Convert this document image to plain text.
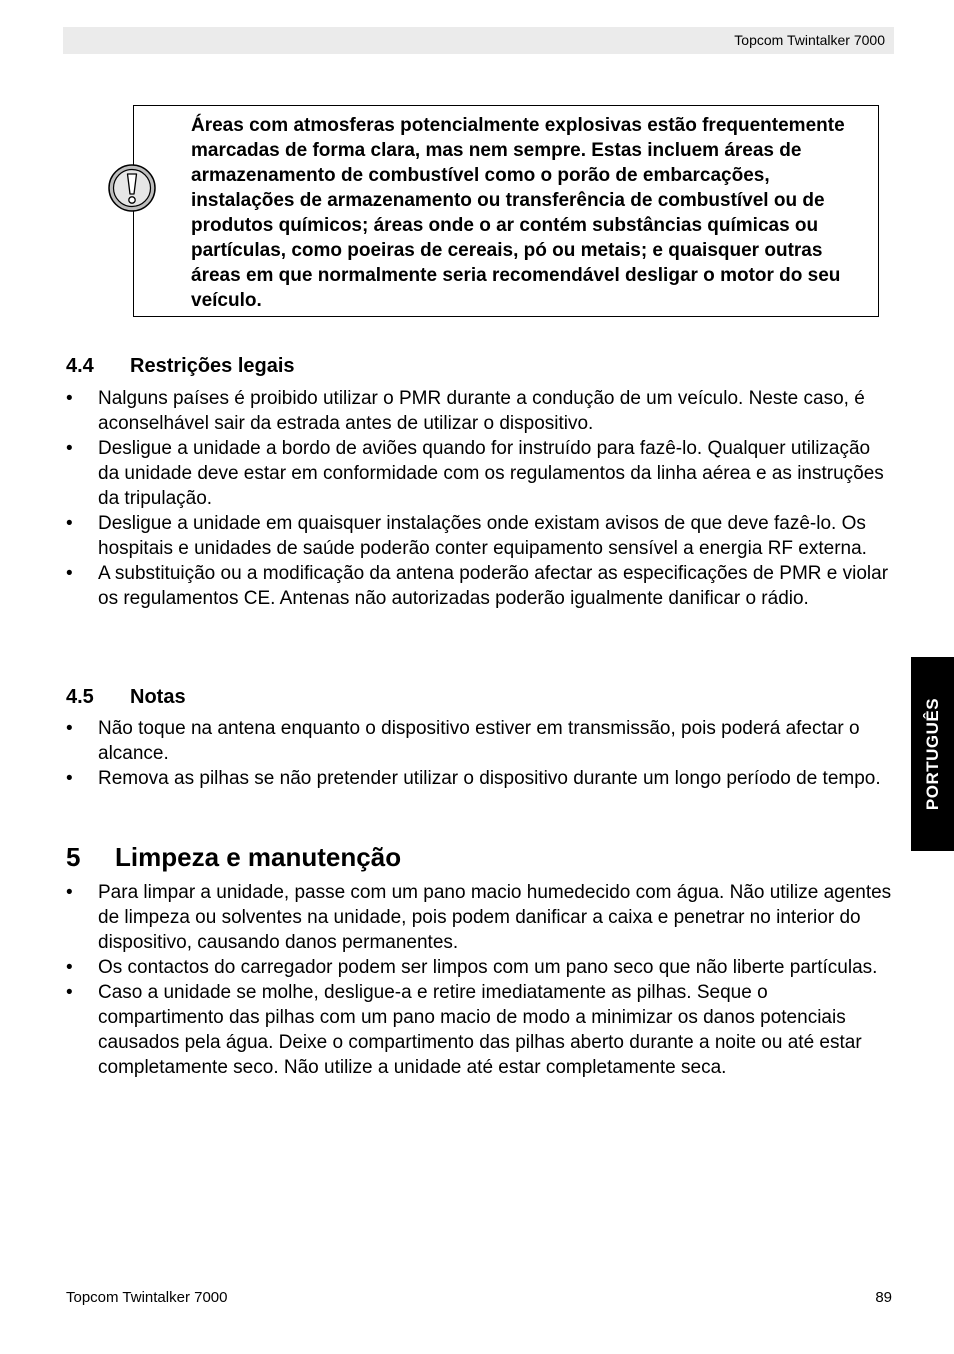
Topcom Twintalker 7000
Áreas com atmosferas potencialmente explosivas estão frequentemente marcadas de forma clara, mas nem sempre. Estas incluem áreas de armazenamento de combustível como o porão de embarcações, instalações de armazenamento ou transferência de combustível ou de produtos químicos; áreas onde o ar contém substâncias químicas ou partículas, como poeiras de cereais, pó ou metais; e quaisquer outras áreas em que normalmente seria recomendável desligar o motor do seu veículo.
4.4 Restrições legais
• Nalguns países é proibido utilizar o PMR durante a condução de um veículo. Neste caso, é aconselhável sair da estrada antes de utilizar o dispositivo.
• Desligue a unidade a bordo de aviões quando for instruído para fazê-lo. Qualquer utilização da unidade deve estar em conformidade com os regulamentos da linha aérea e as instruções da tripulação.
• Desligue a unidade em quaisquer instalações onde existam avisos de que deve fazê-lo. Os hospitais e unidades de saúde poderão conter equipamento sensível a energia RF externa.
• A substituição ou a modificação da antena poderão afectar as especificações de PMR e violar os regulamentos CE. Antenas não autorizadas poderão igualmente danificar o rádio.
4.5 Notas
• Não toque na antena enquanto o dispositivo estiver em transmissão, pois poderá afectar o alcance.
• Remova as pilhas se não pretender utilizar o dispositivo durante um longo período de tempo.
5 Limpeza e manutenção
• Para limpar a unidade, passe com um pano macio humedecido com água. Não utilize agentes de limpeza ou solventes na unidade, pois podem danificar a caixa e penetrar no interior do dispositivo, causando danos permanentes.
• Os contactos do carregador podem ser limpos com um pano seco que não liberte partículas.
• Caso a unidade se molhe, desligue-a e retire imediatamente as pilhas. Seque o compartimento das pilhas com um pano macio de modo a minimizar os danos potenciais causados pela água. Deixe o compartimento das pilhas aberto durante a noite ou até estar completamente seco. Não utilize a unidade até estar completamente seca.
PORTUGUÊS
Topcom Twintalker 7000	89
